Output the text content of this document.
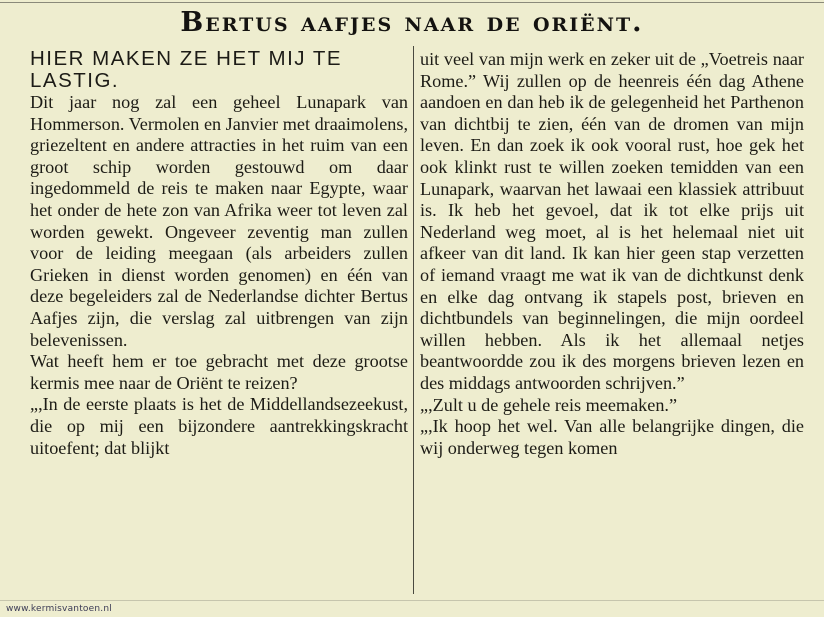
Bertus aafjes naar de oriënt.

HIER MAKEN ZE HET MIJ TE LASTIG.

Dit jaar nog zal een geheel Lunapark van Hommerson. Vermolen en Janvier met draaimolens, griezeltent en andere attracties in het ruim van een groot schip worden gestouwd om daar ingedommeld de reis te maken naar Egypte, waar het onder de hete zon van Afrika weer tot leven zal worden gewekt. Ongeveer zeventig man zullen voor de leiding meegaan (als arbeiders zullen Grieken in dienst worden genomen) en één van deze begeleiders zal de Nederlandse dichter Bertus Aafjes zijn, die verslag zal uitbrengen van zijn belevenissen.

Wat heeft hem er toe gebracht met deze grootse kermis mee naar de Oriënt te reizen?

„,In de eerste plaats is het de Middellandsezeekust, die op mij een bijzondere aantrekkingskracht uitoefent; dat blijkt

uit veel van mijn werk en zeker uit de „Voetreis naar Rome.” Wij zullen op de heenreis één dag Athene aandoen en dan heb ik de gelegenheid het Parthenon van dichtbij te zien, één van de dromen van mijn leven. En dan zoek ik ook vooral rust, hoe gek het ook klinkt rust te willen zoeken temidden van een Lunapark, waarvan het lawaai een klassiek attribuut is. Ik heb het gevoel, dat ik tot elke prijs uit Nederland weg moet, al is het helemaal niet uit afkeer van dit land. Ik kan hier geen stap verzetten of iemand vraagt me wat ik van de dichtkunst denk en elke dag ontvang ik stapels post, brieven en dichtbundels van beginnelingen, die mijn oordeel willen hebben. Als ik het allemaal netjes beantwoordde zou ik des morgens brieven lezen en des middags antwoorden schrijven.”

„,Zult u de gehele reis meemaken.”

„,Ik hoop het wel. Van alle belangrijke dingen, die wij onderweg tegen komen

www.kermisvantoen.nl
